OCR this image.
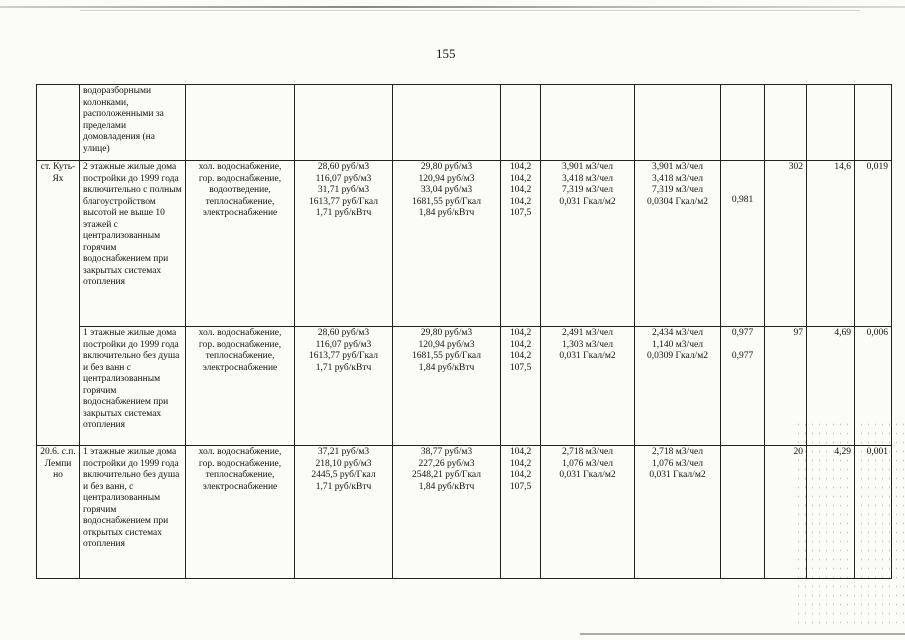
155
	водоразборными колонками, расположенными за пределами домовладения (на улице)										
ст. Куть-Ях	2 этажные жилые дома постройки до 1999 года включительно с полным благоустройством высотой не выше 10 этажей с централизованным горячим водоснабжением при закрытых системах отопления	хол. водоснабжение,
гор. водоснабжение,
водоотведение,
теплоснабжение,
электроснабжение	28,60 руб/м3
116,07 руб/м3
31,71 руб/м3
1613,77 руб/Гкал
1,71 руб/кВтч	29,80 руб/м3
120,94 руб/м3
33,04 руб/м3
1681,55 руб/Гкал
1,84 руб/кВтч	104,2
104,2
104,2
104,2
107,5	3,901 м3/чел
3,418 м3/чел
7,319 м3/чел
0,031 Гкал/м2	3,901 м3/чел
3,418 м3/чел
7,319 м3/чел
0,0304 Гкал/м2	0,981	302	14,6	0,019
	1 этажные жилые дома постройки до 1999 года включительно без душа и без ванн с централизованным горячим водоснабжением при закрытых системах отопления	хол. водоснабжение,
гор. водоснабжение,
теплоснабжение,
электроснабжение	28,60 руб/м3
116,07 руб/м3
1613,77 руб/Гкал
1,71 руб/кВтч	29,80 руб/м3
120,94 руб/м3
1681,55 руб/Гкал
1,84 руб/кВтч	104,2
104,2
104,2
107,5	2,491 м3/чел
1,303 м3/чел
0,031 Гкал/м2	2,434 м3/чел
1,140 м3/чел
0,0309 Гкал/м2	0,977

0,977	97	4,69	0,006
20.6. с.п. Лемпи но	1 этажные жилые дома постройки до 1999 года включительно без душа и без ванн, с централизованным горячим водоснабжением при открытых системах отопления	хол. водоснабжение,
гор. водоснабжение,
теплоснабжение,
электроснабжение	37,21 руб/м3
218,10 руб/м3
2445,5 руб/Гкал
1,71 руб/кВтч	38,77 руб/м3
227,26 руб/м3
2548,21 руб/Гкал
1,84 руб/кВтч	104,2
104,2
104,2
107,5	2,718 м3/чел
1,076 м3/чел
0,031 Гкал/м2	2,718 м3/чел
1,076 м3/чел
0,031 Гкал/м2		20	4,29	0,001
